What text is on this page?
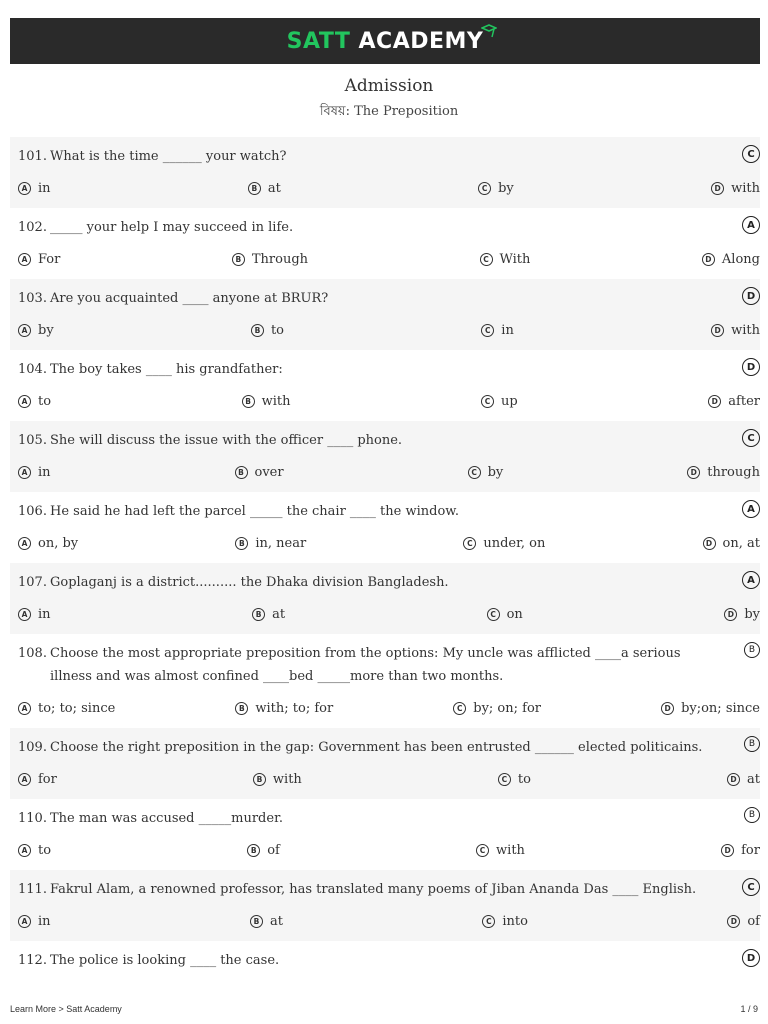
SATT ACADEMY
Admission
বিষয়: The Preposition
101. What is the time ______ your watch?	C
A in	B at	C by	D with
102. _____ your help I may succeed in life.	A
A For	B Through	C With	D Along
103. Are you acquainted ____ anyone at BRUR?	D
A by	B to	C in	D with
104. The boy takes ____ his grandfather:	D
A to	B with	C up	D after
105. She will discuss the issue with the officer ____ phone.	C
A in	B over	C by	D through
106. He said he had left the parcel _____ the chair ____ the window.	A
A on, by	B in, near	C under, on	D on, at
107. Goplaganj is a district.......... the Dhaka division Bangladesh.	A
A in	B at	C on	D by
108. Choose the most appropriate preposition from the options: My uncle was afflicted ____a serious illness and was almost confined ____bed _____more than two months.
B
A to; to; since	B with; to; for	C by; on; for	D by;on; since
109. Choose the right preposition in the gap: Government has been entrusted ______ elected politicains.	B
A for	B with	C to	D at
110. The man was accused _____murder.	B
A to	B of	C with	D for
111. Fakrul Alam, a renowned professor, has translated many poems of Jiban Ananda Das ____ English.	C
A in	B at	C into	D of
112. The police is looking ____ the case.	D
Learn More > Satt Academy	1 / 9
